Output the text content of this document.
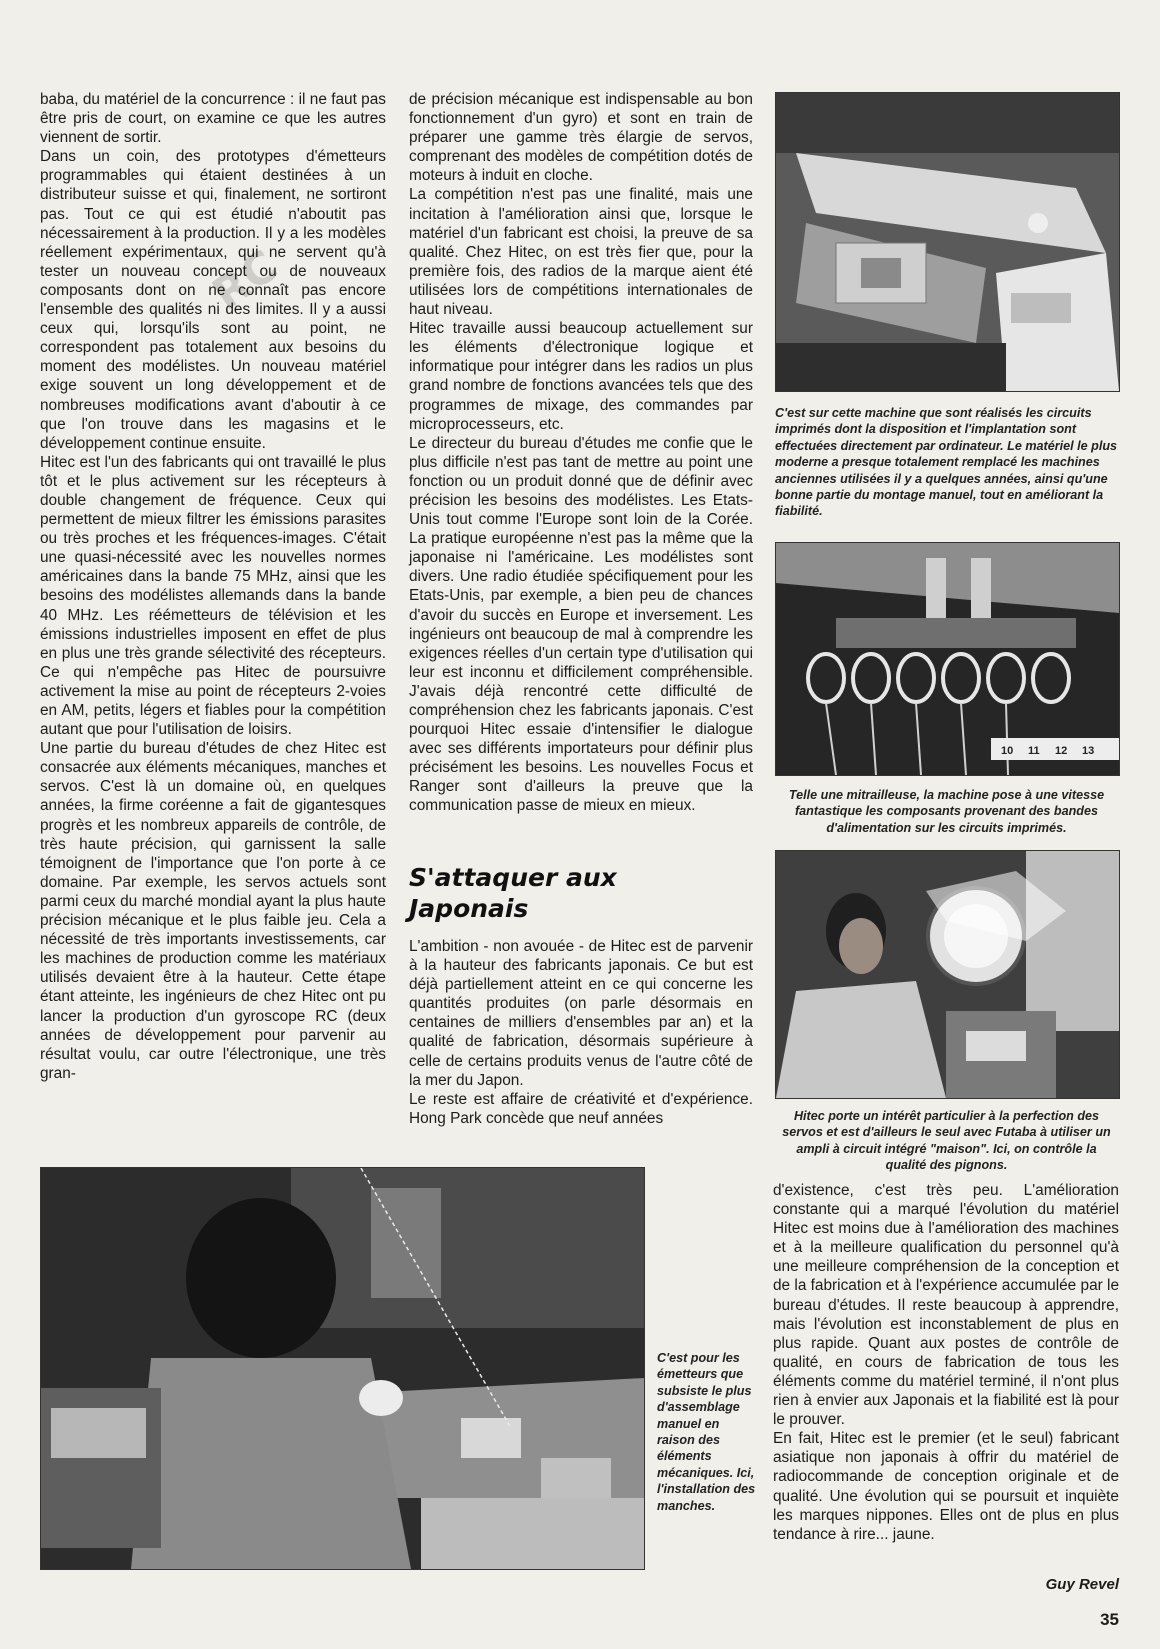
RC

baba, du matériel de la concurrence : il ne faut pas être pris de court, on examine ce que les autres viennent de sortir.

Dans un coin, des prototypes d'émetteurs programmables qui étaient destinées à un distributeur suisse et qui, finalement, ne sortiront pas. Tout ce qui est étudié n'aboutit pas nécessairement à la production. Il y a les modèles réellement expérimentaux, qui ne servent qu'à tester un nouveau concept ou de nouveaux composants dont on ne connaît pas encore l'ensemble des qualités ni des limites. Il y a aussi ceux qui, lorsqu'ils sont au point, ne correspondent pas totalement aux besoins du moment des modélistes. Un nouveau matériel exige souvent un long développement et de nombreuses modifications avant d'aboutir à ce que l'on trouve dans les magasins et le développement continue ensuite.

Hitec est l'un des fabricants qui ont travaillé le plus tôt et le plus activement sur les récepteurs à double changement de fréquence. Ceux qui permettent de mieux filtrer les émissions parasites ou très proches et les fréquences-images. C'était une quasi-nécessité avec les nouvelles normes américaines dans la bande 75 MHz, ainsi que les besoins des modélistes allemands dans la bande 40 MHz. Les réémetteurs de télévision et les émissions industrielles imposent en effet de plus en plus une très grande sélectivité des récepteurs. Ce qui n'empêche pas Hitec de poursuivre activement la mise au point de récepteurs 2-voies en AM, petits, légers et fiables pour la compétition autant que pour l'utilisation de loisirs.

Une partie du bureau d'études de chez Hitec est consacrée aux éléments mécaniques, manches et servos. C'est là un domaine où, en quelques années, la firme coréenne a fait de gigantesques progrès et les nombreux appareils de contrôle, de très haute précision, qui garnissent la salle témoignent de l'importance que l'on porte à ce domaine. Par exemple, les servos actuels sont parmi ceux du marché mondial ayant la plus haute précision mécanique et le plus faible jeu. Cela a nécessité de très importants investissements, car les machines de production comme les matériaux utilisés devaient être à la hauteur. Cette étape étant atteinte, les ingénieurs de chez Hitec ont pu lancer la production d'un gyroscope RC (deux années de développement pour parvenir au résultat voulu, car outre l'électronique, une très gran-

de précision mécanique est indispensable au bon fonctionnement d'un gyro) et sont en train de préparer une gamme très élargie de servos, comprenant des modèles de compétition dotés de moteurs à induit en cloche.

La compétition n'est pas une finalité, mais une incitation à l'amélioration ainsi que, lorsque le matériel d'un fabricant est choisi, la preuve de sa qualité. Chez Hitec, on est très fier que, pour la première fois, des radios de la marque aient été utilisées lors de compétitions internationales de haut niveau.

Hitec travaille aussi beaucoup actuellement sur les éléments d'électronique logique et informatique pour intégrer dans les radios un plus grand nombre de fonctions avancées tels que des programmes de mixage, des commandes par microprocesseurs, etc.

Le directeur du bureau d'études me confie que le plus difficile n'est pas tant de mettre au point une fonction ou un produit donné que de définir avec précision les besoins des modélistes. Les Etats-Unis tout comme l'Europe sont loin de la Corée. La pratique européenne n'est pas la même que la japonaise ni l'américaine. Les modélistes sont divers. Une radio étudiée spécifiquement pour les Etats-Unis, par exemple, a bien peu de chances d'avoir du succès en Europe et inversement. Les ingénieurs ont beaucoup de mal à comprendre les exigences réelles d'un certain type d'utilisation qui leur est inconnu et difficilement compréhensible. J'avais déjà rencontré cette difficulté de compréhension chez les fabricants japonais. C'est pourquoi Hitec essaie d'intensifier le dialogue avec ses différents importateurs pour définir plus précisément les besoins. Les nouvelles Focus et Ranger sont d'ailleurs la preuve que la communication passe de mieux en mieux.

S'attaquer aux
Japonais

L'ambition - non avouée - de Hitec est de parvenir à la hauteur des fabricants japonais. Ce but est déjà partiellement atteint en ce qui concerne les quantités produites (on parle désormais en centaines de milliers d'ensembles par an) et la qualité de fabrication, désormais supérieure à celle de certains produits venus de l'autre côté de la mer du Japon.

Le reste est affaire de créativité et d'expérience. Hong Park concède que neuf années

d'existence, c'est très peu. L'amélioration constante qui a marqué l'évolution du matériel Hitec est moins due à l'amélioration des machines et à la meilleure qualification du personnel qu'à une meilleure compréhension de la conception et de la fabrication et à l'expérience accumulée par le bureau d'études. Il reste beaucoup à apprendre, mais l'évolution est inconstablement de plus en plus rapide. Quant aux postes de contrôle de qualité, en cours de fabrication de tous les éléments comme du matériel terminé, il n'ont plus rien à envier aux Japonais et la fiabilité est là pour le prouver.

En fait, Hitec est le premier (et le seul) fabricant asiatique non japonais à offrir du matériel de radiocommande de conception originale et de qualité. Une évolution qui se poursuit et inquiète les marques nippones. Elles ont de plus en plus tendance à rire... jaune.

C'est sur cette machine que sont réalisés les circuits imprimés dont la disposition et l'implantation sont effectuées directement par ordinateur. Le matériel le plus moderne a presque totalement remplacé les machines anciennes utilisées il y a quelques années, ainsi qu'une bonne partie du montage manuel, tout en améliorant la fiabilité.
10 11 12 13
Telle une mitrailleuse, la machine pose à une vitesse fantastique les composants provenant des bandes d'alimentation sur les circuits imprimés.
Hitec porte un intérêt particulier à la perfection des servos et est d'ailleurs le seul avec Futaba à utiliser un ampli à circuit intégré "maison". Ici, on contrôle la qualité des pignons.
C'est pour les émetteurs que subsiste le plus d'assemblage manuel en raison des éléments mécaniques. Ici, l'installation des manches.
Guy Revel
35
